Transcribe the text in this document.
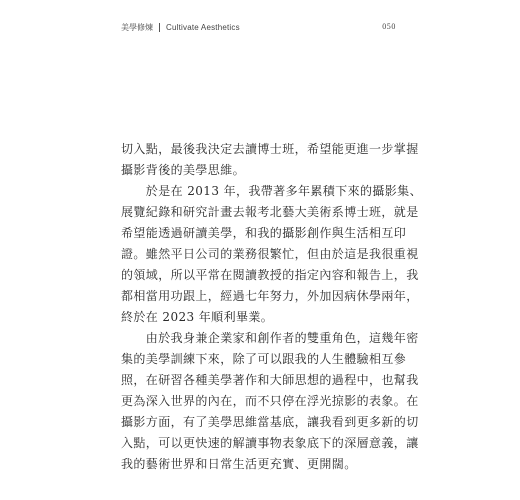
美學修煉 Cultivate Aesthetics	050
切入點，最後我決定去讀博士班，希望能更進一步掌握
攝影背後的美學思維。
　　於是在 2013 年，我帶著多年累積下來的攝影集、
展覽紀錄和研究計畫去報考北藝大美術系博士班，就是
希望能透過研讀美學，和我的攝影創作與生活相互印
證。雖然平日公司的業務很繁忙，但由於這是我很重視
的領域，所以平常在閱讀教授的指定內容和報告上，我
都相當用功跟上，經過七年努力，外加因病休學兩年，
終於在 2023 年順利畢業。
　　由於我身兼企業家和創作者的雙重角色，這幾年密
集的美學訓練下來，除了可以跟我的人生體驗相互參
照，在研習各種美學著作和大師思想的過程中，也幫我
更為深入世界的內在，而不只停在浮光掠影的表象。在
攝影方面，有了美學思維當基底，讓我看到更多新的切
入點，可以更快速的解讀事物表象底下的深層意義，讓
我的藝術世界和日常生活更充實、更開闊。
